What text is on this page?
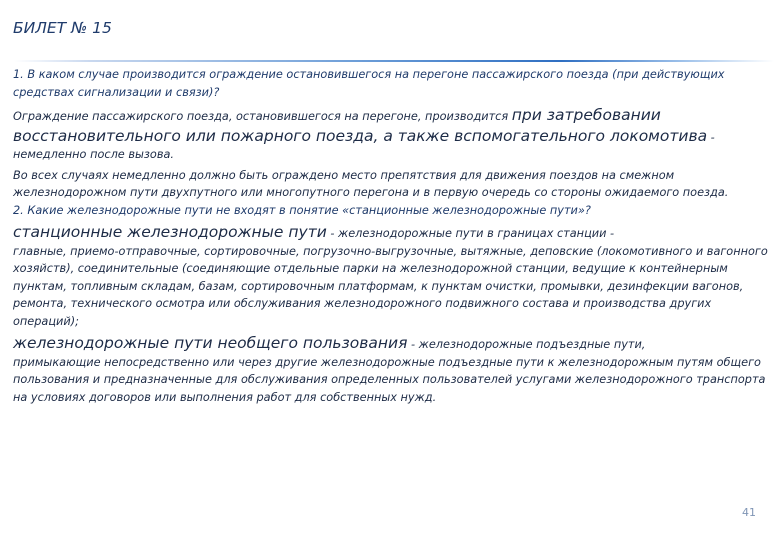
БИЛЕТ № 15

1. В каком случае производится ограждение остановившегося на перегоне пассажирского поезда (при действующих средствах сигнализации и связи)?

Ограждение пассажирского поезда, остановившегося на перегоне, производится при затребовании восстановительного или пожарного поезда, а также вспомогательного локомотива - немедленно после вызова.

Во всех случаях немедленно должно быть ограждено место препятствия для движения поездов на смежном железнодорожном пути двухпутного или многопутного перегона и в первую очередь со стороны ожидаемого поезда.

2. Какие железнодорожные пути не входят в понятие «станционные железнодорожные пути»?

станционные железнодорожные пути - железнодорожные пути в границах станции -
главные, приемо-отправочные, сортировочные, погрузочно-выгрузочные, вытяжные, деповские (локомотивного и вагонного хозяйств), соединительные (соединяющие отдельные парки на железнодорожной станции, ведущие к контейнерным пунктам, топливным складам, базам, сортировочным платформам, к пунктам очистки, промывки, дезинфекции вагонов, ремонта, технического осмотра или обслуживания железнодорожного подвижного состава и производства других операций);

железнодорожные пути необщего пользования - железнодорожные подъездные пути,
примыкающие непосредственно или через другие железнодорожные подъездные пути к железнодорожным путям общего пользования и предназначенные для обслуживания определенных пользователей услугами железнодорожного транспорта на условиях договоров или выполнения работ для собственных нужд.

41
